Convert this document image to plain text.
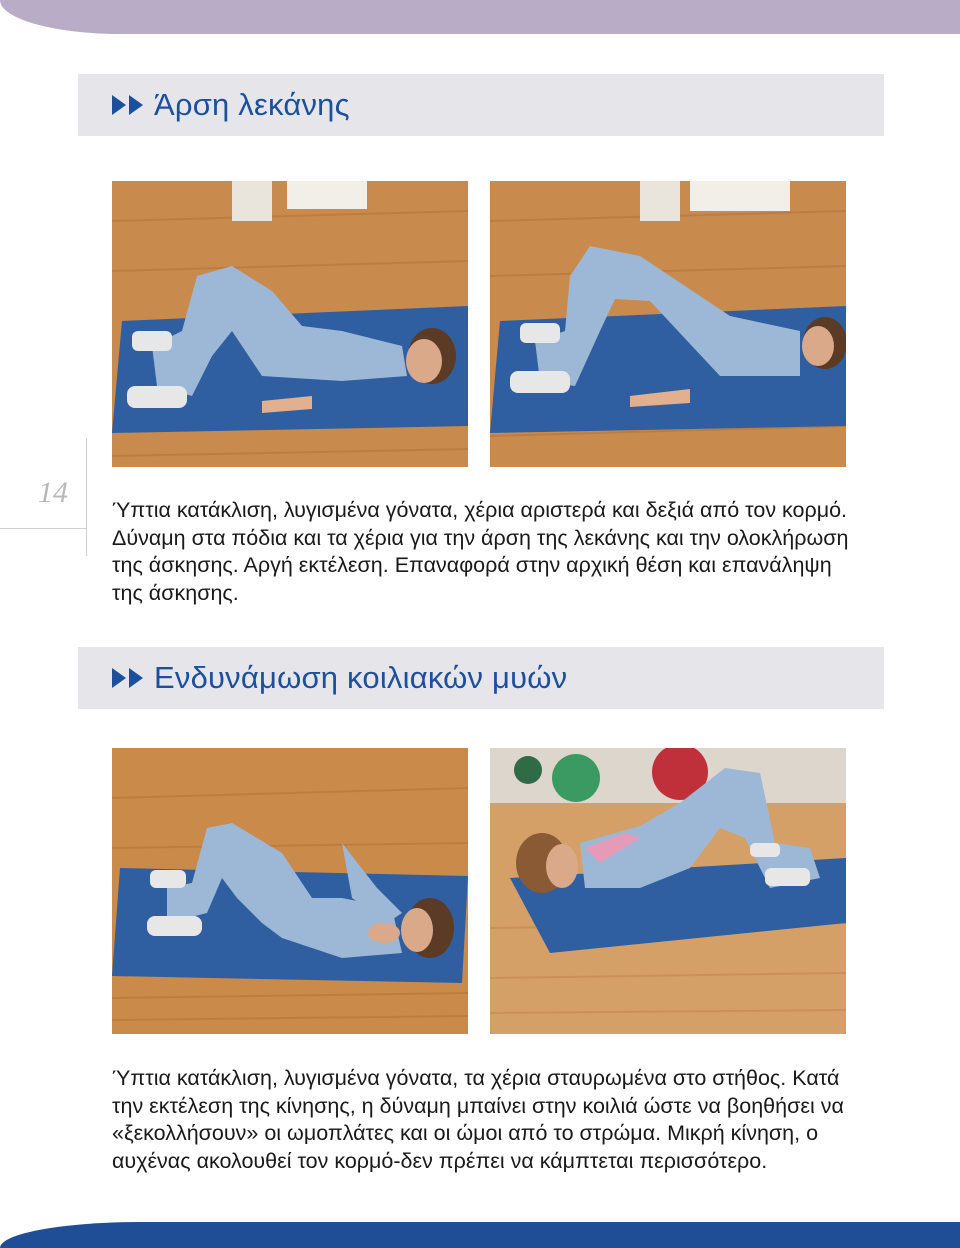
14
Άρση λεκάνης
Ύπτια κατάκλιση, λυγισμένα γόνατα, χέρια αριστερά και δεξιά από τον κορμό. Δύναμη στα πόδια και τα χέρια για την άρση της λεκάνης και την ολοκλήρωση της άσκησης. Αργή εκτέλεση. Επαναφορά στην αρχική θέση και επανάληψη της άσκησης.
Ενδυνάμωση κοιλιακών μυών
Ύπτια κατάκλιση, λυγισμένα γόνατα, τα χέρια σταυρωμένα στο στήθος. Κατά την εκτέλεση της κίνησης, η δύναμη μπαίνει στην κοιλιά ώστε να βοηθήσει να «ξεκολλήσουν» οι ωμοπλάτες και οι ώμοι από το στρώμα. Μικρή κίνηση, ο αυχένας ακολουθεί τον κορμό-δεν πρέπει να κάμπτεται περισσότερο.
